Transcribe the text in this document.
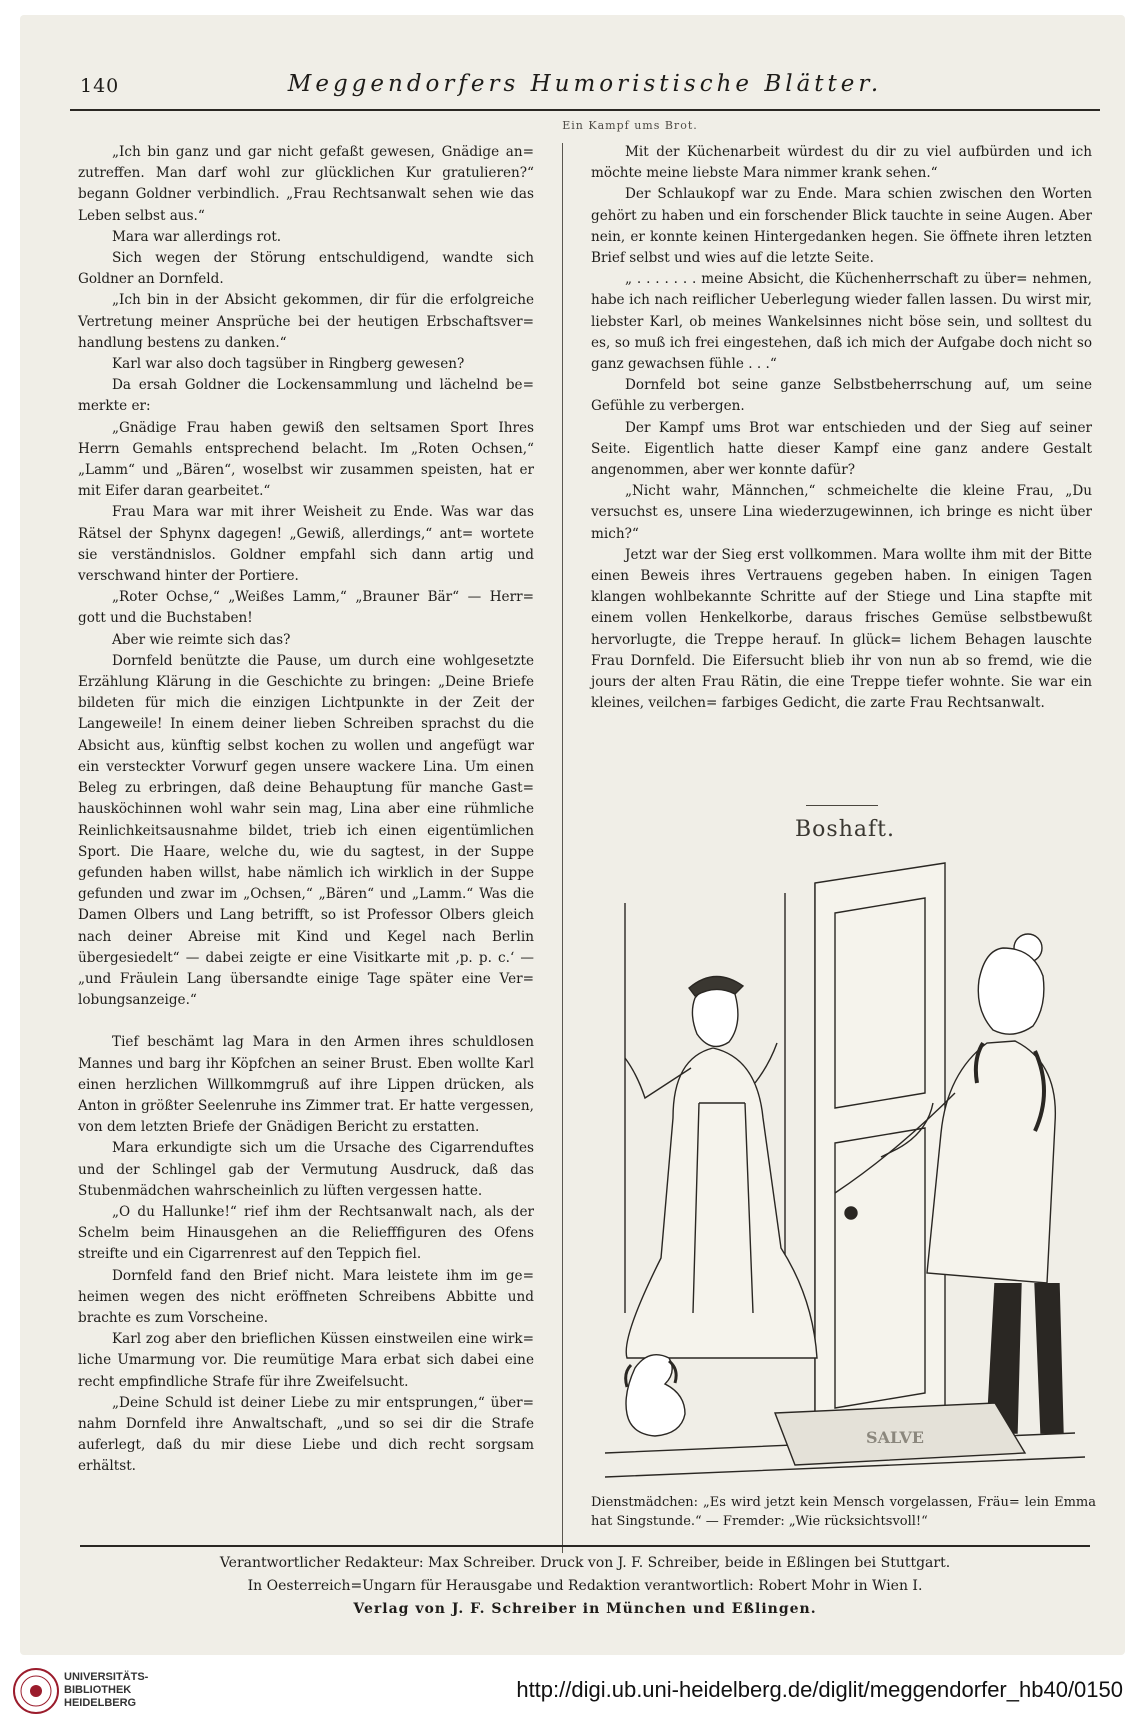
140	Meggendorfers Humoristische Blätter.
Ein Kampf ums Brot.

„Ich bin ganz und gar nicht gefaßt gewesen, Gnädige an= zutreffen. Man darf wohl zur glücklichen Kur gratulieren?“ begann Goldner verbindlich. „Frau Rechtsanwalt sehen wie das Leben selbst aus.“

Mara war allerdings rot.

Sich wegen der Störung entschuldigend, wandte sich Goldner an Dornfeld.

„Ich bin in der Absicht gekommen, dir für die erfolgreiche Vertretung meiner Ansprüche bei der heutigen Erbschaftsver= handlung bestens zu danken.“

Karl war also doch tagsüber in Ringberg gewesen?

Da ersah Goldner die Lockensammlung und lächelnd be= merkte er:

„Gnädige Frau haben gewiß den seltsamen Sport Ihres Herrn Gemahls entsprechend belacht. Im „Roten Ochsen,“ „Lamm“ und „Bären“, woselbst wir zusammen speisten, hat er mit Eifer daran gearbeitet.“

Frau Mara war mit ihrer Weisheit zu Ende. Was war das Rätsel der Sphynx dagegen! „Gewiß, allerdings,“ ant= wortete sie verständnislos. Goldner empfahl sich dann artig und verschwand hinter der Portiere.

„Roter Ochse,“ „Weißes Lamm,“ „Brauner Bär“ — Herr= gott und die Buchstaben!

Aber wie reimte sich das?

Dornfeld benützte die Pause, um durch eine wohlgesetzte Erzählung Klärung in die Geschichte zu bringen: „Deine Briefe bildeten für mich die einzigen Lichtpunkte in der Zeit der Langeweile! In einem deiner lieben Schreiben sprachst du die Absicht aus, künftig selbst kochen zu wollen und angefügt war ein versteckter Vorwurf gegen unsere wackere Lina. Um einen Beleg zu erbringen, daß deine Behauptung für manche Gast= hausköchinnen wohl wahr sein mag, Lina aber eine rühmliche Reinlichkeitsausnahme bildet, trieb ich einen eigentümlichen Sport. Die Haare, welche du, wie du sagtest, in der Suppe gefunden haben willst, habe nämlich ich wirklich in der Suppe gefunden und zwar im „Ochsen,“ „Bären“ und „Lamm.“ Was die Damen Olbers und Lang betrifft, so ist Professor Olbers gleich nach deiner Abreise mit Kind und Kegel nach Berlin übergesiedelt“ — dabei zeigte er eine Visitkarte mit ‚p. p. c.‘ — „und Fräulein Lang übersandte einige Tage später eine Ver= lobungsanzeige.“

Tief beschämt lag Mara in den Armen ihres schuldlosen Mannes und barg ihr Köpfchen an seiner Brust. Eben wollte Karl einen herzlichen Willkommgruß auf ihre Lippen drücken, als Anton in größter Seelenruhe ins Zimmer trat. Er hatte vergessen, von dem letzten Briefe der Gnädigen Bericht zu erstatten.

Mara erkundigte sich um die Ursache des Cigarrenduftes und der Schlingel gab der Vermutung Ausdruck, daß das Stubenmädchen wahrscheinlich zu lüften vergessen hatte.

„O du Hallunke!“ rief ihm der Rechtsanwalt nach, als der Schelm beim Hinausgehen an die Reliefffiguren des Ofens streifte und ein Cigarrenrest auf den Teppich fiel.

Dornfeld fand den Brief nicht. Mara leistete ihm im ge= heimen wegen des nicht eröffneten Schreibens Abbitte und brachte es zum Vorscheine.

Karl zog aber den brieflichen Küssen einstweilen eine wirk= liche Umarmung vor. Die reumütige Mara erbat sich dabei eine recht empfindliche Strafe für ihre Zweifelsucht.

„Deine Schuld ist deiner Liebe zu mir entsprungen,“ über= nahm Dornfeld ihre Anwaltschaft, „und so sei dir die Strafe auferlegt, daß du mir diese Liebe und dich recht sorgsam erhältst.

Mit der Küchenarbeit würdest du dir zu viel aufbürden und ich möchte meine liebste Mara nimmer krank sehen.“

Der Schlaukopf war zu Ende. Mara schien zwischen den Worten gehört zu haben und ein forschender Blick tauchte in seine Augen. Aber nein, er konnte keinen Hintergedanken hegen. Sie öffnete ihren letzten Brief selbst und wies auf die letzte Seite.

„ . . . . . . . meine Absicht, die Küchenherrschaft zu über= nehmen, habe ich nach reiflicher Ueberlegung wieder fallen lassen. Du wirst mir, liebster Karl, ob meines Wankelsinnes nicht böse sein, und solltest du es, so muß ich frei eingestehen, daß ich mich der Aufgabe doch nicht so ganz gewachsen fühle . . .“

Dornfeld bot seine ganze Selbstbeherrschung auf, um seine Gefühle zu verbergen.

Der Kampf ums Brot war entschieden und der Sieg auf seiner Seite. Eigentlich hatte dieser Kampf eine ganz andere Gestalt angenommen, aber wer konnte dafür?

„Nicht wahr, Männchen,“ schmeichelte die kleine Frau, „Du versuchst es, unsere Lina wiederzugewinnen, ich bringe es nicht über mich?“

Jetzt war der Sieg erst vollkommen. Mara wollte ihm mit der Bitte einen Beweis ihres Vertrauens gegeben haben. In einigen Tagen klangen wohlbekannte Schritte auf der Stiege und Lina stapfte mit einem vollen Henkelkorbe, daraus frisches Gemüse selbstbewußt hervorlugte, die Treppe herauf. In glück= lichem Behagen lauschte Frau Dornfeld. Die Eifersucht blieb ihr von nun ab so fremd, wie die jours der alten Frau Rätin, die eine Treppe tiefer wohnte. Sie war ein kleines, veilchen= farbiges Gedicht, die zarte Frau Rechtsanwalt.

Boshaft.
SALVE
Dienstmädchen: „Es wird jetzt kein Mensch vorgelassen, Fräu= lein Emma hat Singstunde.“ — Fremder: „Wie rücksichtsvoll!“
Verantwortlicher Redakteur: Max Schreiber. Druck von J. F. Schreiber, beide in Eßlingen bei Stuttgart.
In Oesterreich=Ungarn für Herausgabe und Redaktion verantwortlich: Robert Mohr in Wien I.
Verlag von J. F. Schreiber in München und Eßlingen.
UNIVERSITÄTS-
BIBLIOTHEK
HEIDELBERG
http://digi.ub.uni-heidelberg.de/diglit/meggendorfer_hb40/0150
